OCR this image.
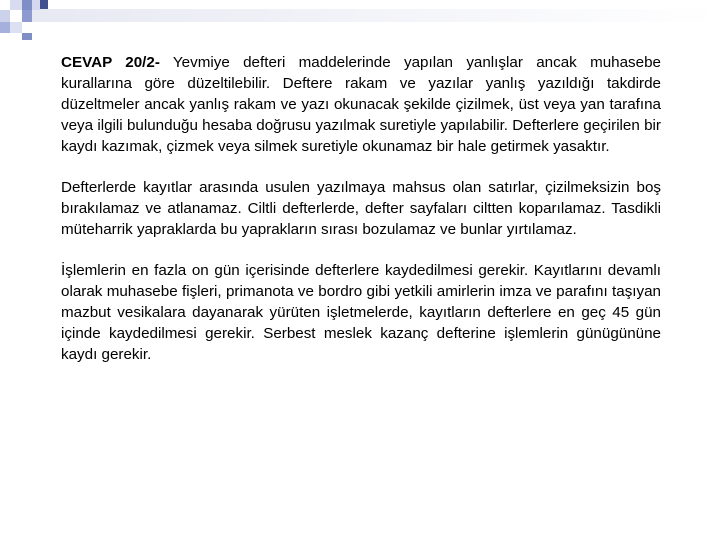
CEVAP 20/2- Yevmiye defteri maddelerinde yapılan yanlışlar ancak muhasebe kurallarına göre düzeltilebilir. Deftere rakam ve yazılar yanlış yazıldığı takdirde düzeltmeler ancak yanlış rakam ve yazı okunacak şekilde çizilmek, üst veya yan tarafına veya ilgili bulunduğu hesaba doğrusu yazılmak suretiyle yapılabilir. Defterlere geçirilen bir kaydı kazımak, çizmek veya silmek suretiyle okunamaz bir hale getirmek yasaktır.

Defterlerde kayıtlar arasında usulen yazılmaya mahsus olan satırlar, çizilmeksizin boş bırakılamaz ve atlanamaz. Ciltli defterlerde, defter sayfaları ciltten koparılamaz. Tasdikli müteharrik yapraklarda bu yaprakların sırası bozulamaz ve bunlar yırtılamaz.

İşlemlerin en fazla on gün içerisinde defterlere kaydedilmesi gerekir. Kayıtlarını devamlı olarak muhasebe fişleri, primanota ve bordro gibi yetkili amirlerin imza ve parafını taşıyan mazbut vesikalara dayanarak yürüten işletmelerde, kayıtların defterlere en geç 45 gün içinde kaydedilmesi gerekir. Serbest meslek kazanç defterine işlemlerin günügününe kaydı gerekir.
